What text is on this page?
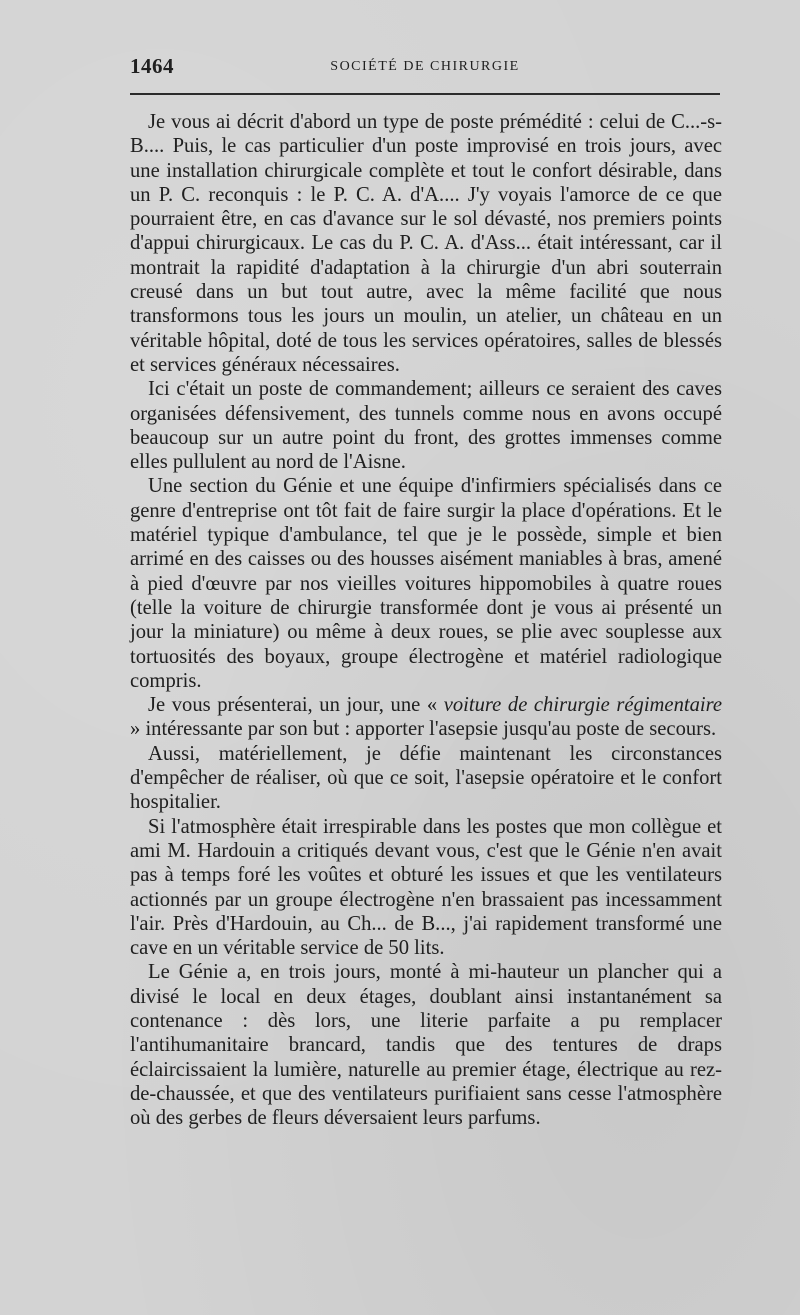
1464	SOCIÉTÉ DE CHIRURGIE

Je vous ai décrit d'abord un type de poste prémédité : celui de C...-s-B.... Puis, le cas particulier d'un poste improvisé en trois jours, avec une installation chirurgicale complète et tout le confort désirable, dans un P. C. reconquis : le P. C. A. d'A.... J'y voyais l'amorce de ce que pourraient être, en cas d'avance sur le sol dévasté, nos premiers points d'appui chirurgicaux. Le cas du P. C. A. d'Ass... était intéressant, car il montrait la rapidité d'adaptation à la chirurgie d'un abri souterrain creusé dans un but tout autre, avec la même facilité que nous transformons tous les jours un moulin, un atelier, un château en un véritable hôpital, doté de tous les services opératoires, salles de blessés et services généraux nécessaires.

Ici c'était un poste de commandement; ailleurs ce seraient des caves organisées défensivement, des tunnels comme nous en avons occupé beaucoup sur un autre point du front, des grottes immenses comme elles pullulent au nord de l'Aisne.

Une section du Génie et une équipe d'infirmiers spécialisés dans ce genre d'entreprise ont tôt fait de faire surgir la place d'opérations. Et le matériel typique d'ambulance, tel que je le possède, simple et bien arrimé en des caisses ou des housses aisément maniables à bras, amené à pied d'œuvre par nos vieilles voitures hippomobiles à quatre roues (telle la voiture de chirurgie transformée dont je vous ai présenté un jour la miniature) ou même à deux roues, se plie avec souplesse aux tortuosités des boyaux, groupe électrogène et matériel radiologique compris.

Je vous présenterai, un jour, une « voiture de chirurgie régimentaire » intéressante par son but : apporter l'asepsie jusqu'au poste de secours.

Aussi, matériellement, je défie maintenant les circonstances d'empêcher de réaliser, où que ce soit, l'asepsie opératoire et le confort hospitalier.

Si l'atmosphère était irrespirable dans les postes que mon collègue et ami M. Hardouin a critiqués devant vous, c'est que le Génie n'en avait pas à temps foré les voûtes et obturé les issues et que les ventilateurs actionnés par un groupe électrogène n'en brassaient pas incessamment l'air. Près d'Hardouin, au Ch... de B..., j'ai rapidement transformé une cave en un véritable service de 50 lits.

Le Génie a, en trois jours, monté à mi-hauteur un plancher qui a divisé le local en deux étages, doublant ainsi instantanément sa contenance : dès lors, une literie parfaite a pu remplacer l'antihumanitaire brancard, tandis que des tentures de draps éclaircissaient la lumière, naturelle au premier étage, électrique au rez-de-chaussée, et que des ventilateurs purifiaient sans cesse l'atmosphère où des gerbes de fleurs déversaient leurs parfums.
